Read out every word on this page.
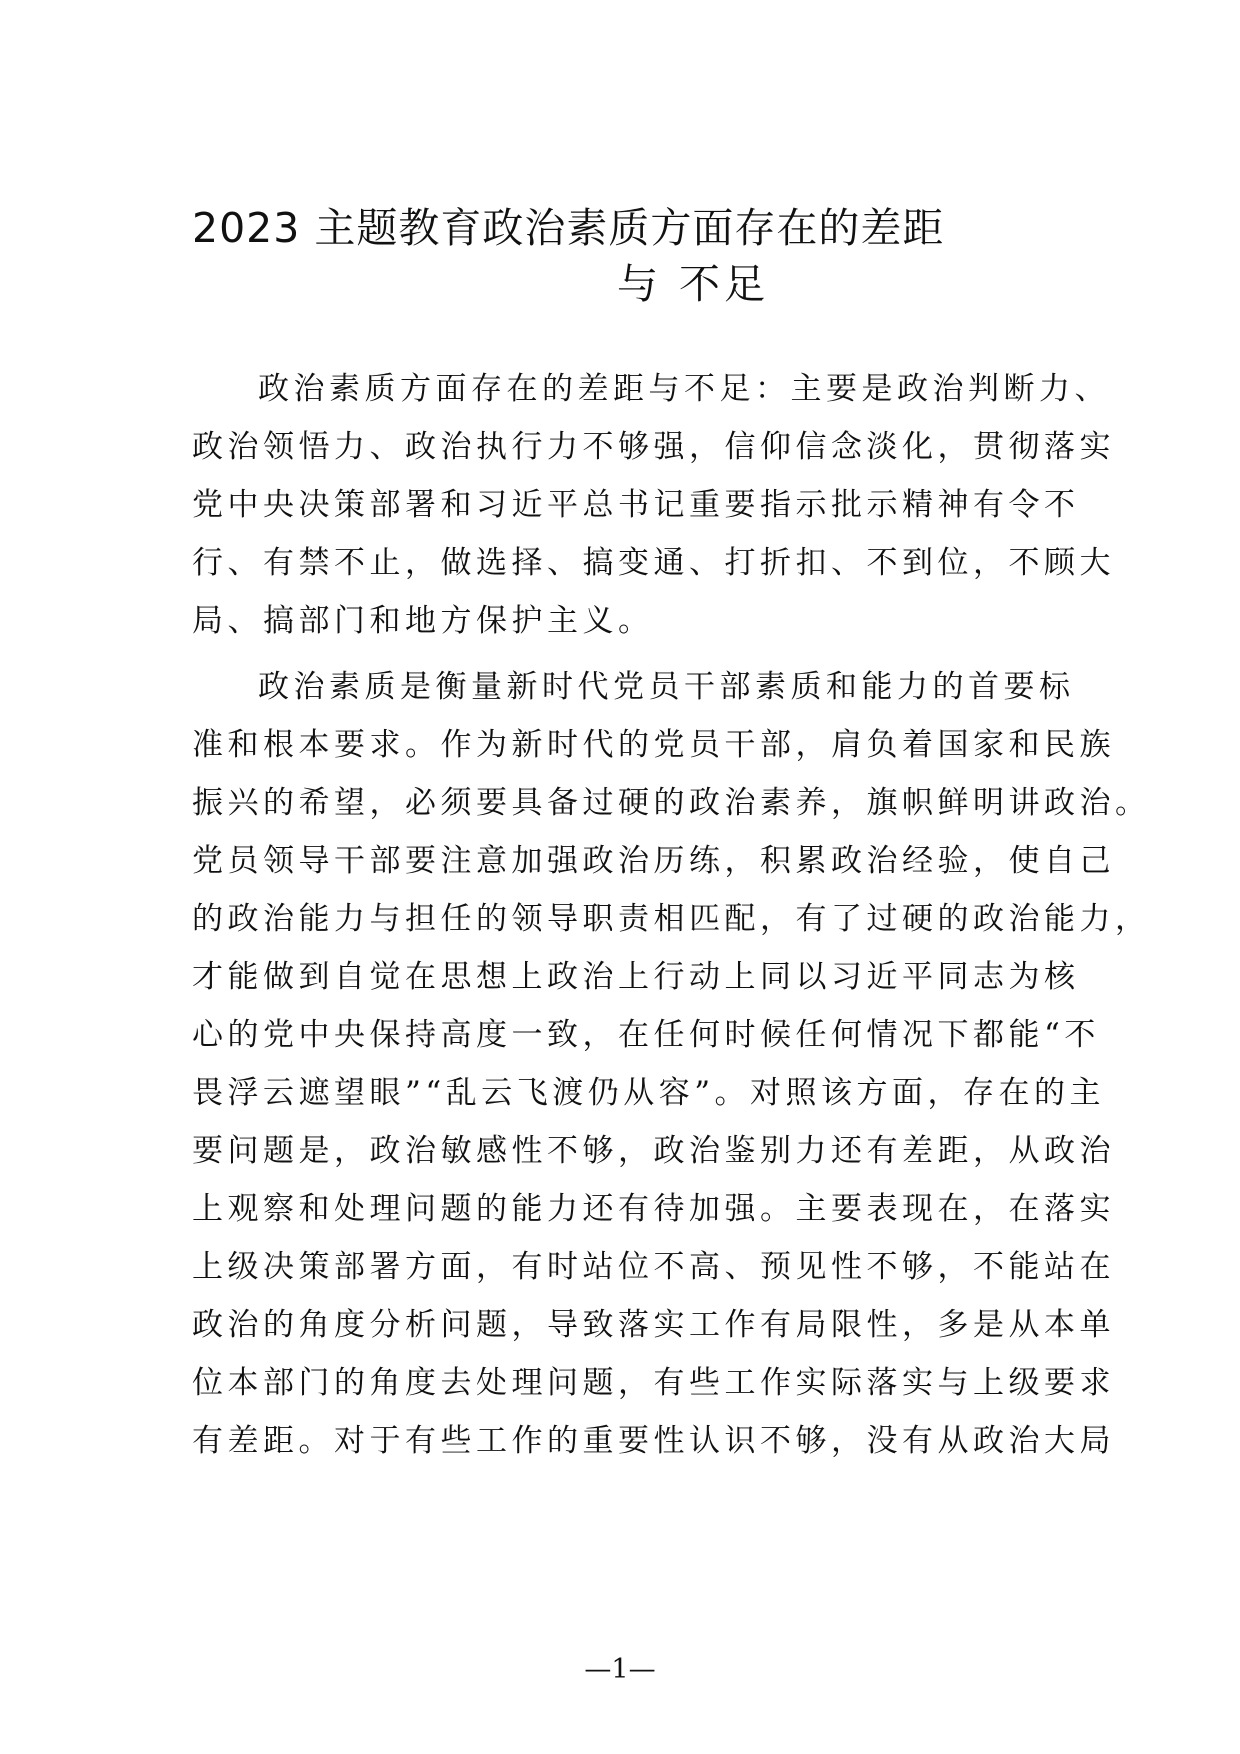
2023 主题教育政治素质方面存在的差距
与 不足
政治素质方面存在的差距与不足：主要是政治判断力、
政治领悟力、政治执行力不够强，信仰信念淡化，贯彻落实
党中央决策部署和习近平总书记重要指示批示精神有令不
行、有禁不止，做选择、搞变通、打折扣、不到位，不顾大
局、搞部门和地方保护主义。
政治素质是衡量新时代党员干部素质和能力的首要标
准和根本要求。作为新时代的党员干部，肩负着国家和民族
振兴的希望，必须要具备过硬的政治素养，旗帜鲜明讲政治。
党员领导干部要注意加强政治历练，积累政治经验，使自己
的政治能力与担任的领导职责相匹配，有了过硬的政治能力，
才能做到自觉在思想上政治上行动上同以习近平同志为核
心的党中央保持高度一致，在任何时候任何情况下都能“不
畏浮云遮望眼”“乱云飞渡仍从容”。对照该方面，存在的主
要问题是，政治敏感性不够，政治鉴别力还有差距，从政治
上观察和处理问题的能力还有待加强。主要表现在，在落实
上级决策部署方面，有时站位不高、预见性不够，不能站在
政治的角度分析问题，导致落实工作有局限性，多是从本单
位本部门的角度去处理问题，有些工作实际落实与上级要求
有差距。对于有些工作的重要性认识不够，没有从政治大局
—1—
